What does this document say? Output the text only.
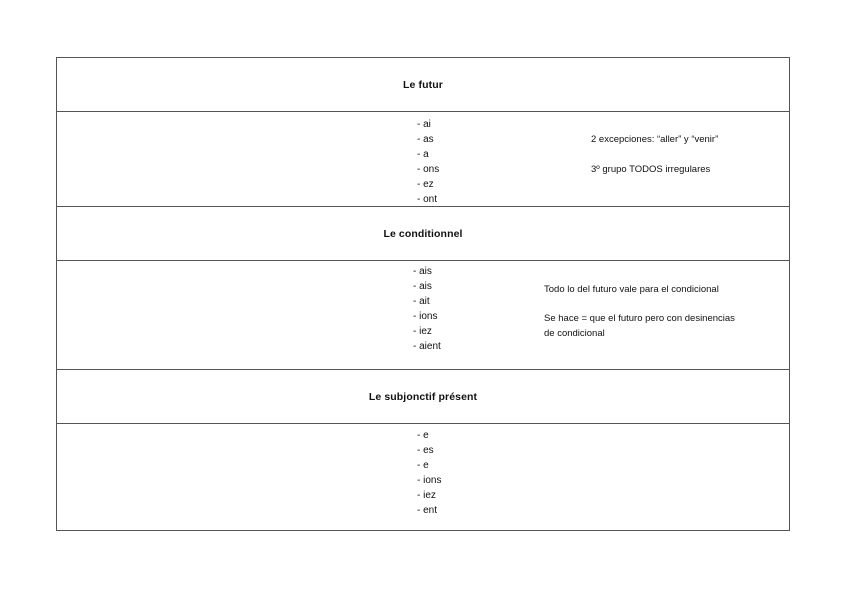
Le futur
- ai
- as
- a
- ons
- ez
- ont
2 excepciones: “aller” y “venir”
3º grupo TODOS irregulares
Le conditionnel
- ais
- ais
- ait
- ions
- iez
- aient
Todo lo del futuro vale para el condicional
Se hace = que el futuro pero con desinencias
de condicional
Le subjonctif présent
- e
- es
- e
- ions
- iez
- ent
